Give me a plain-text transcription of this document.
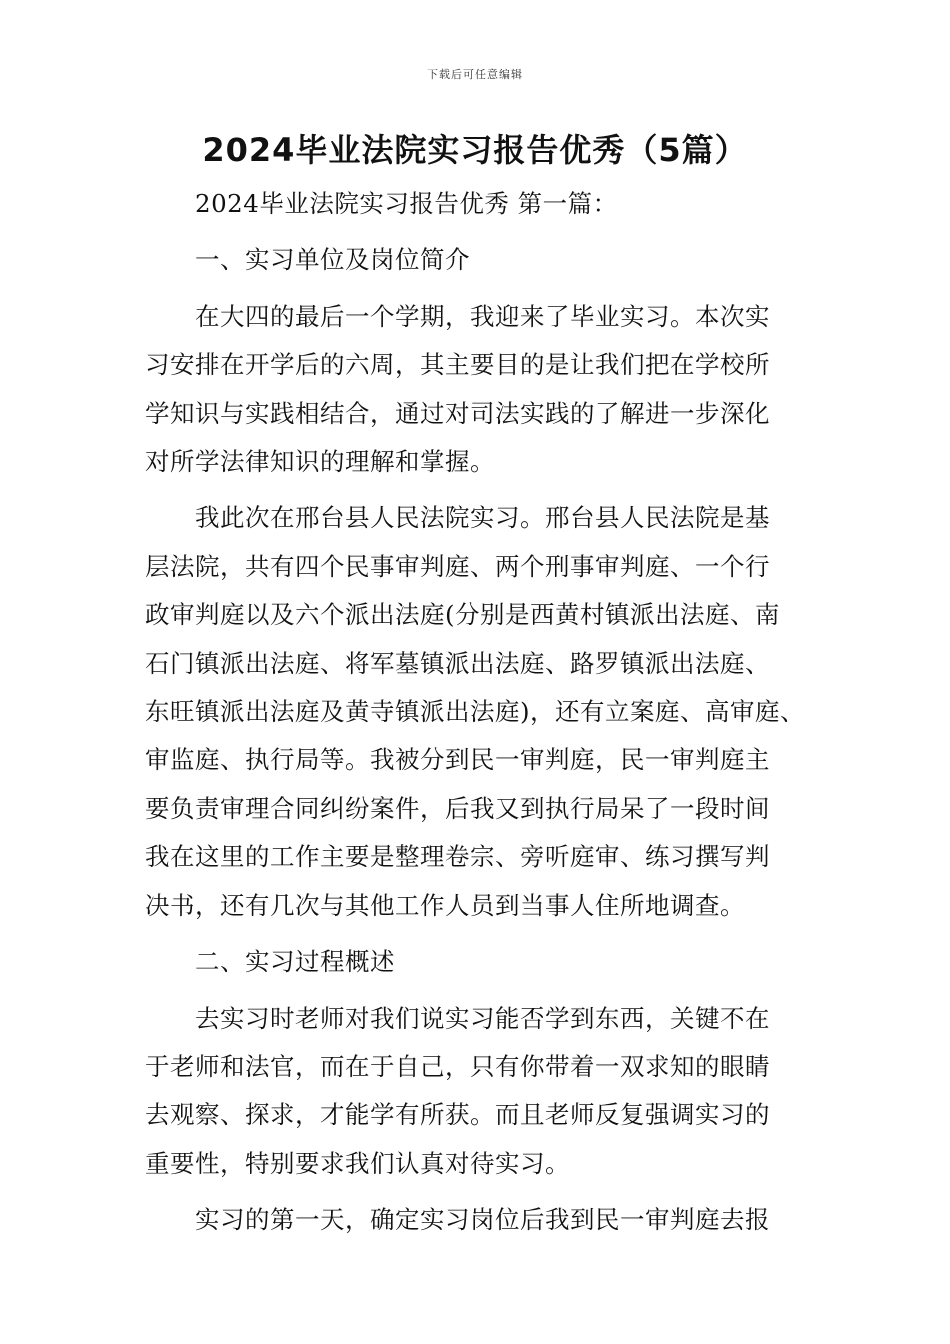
下载后可任意编辑
2024毕业法院实习报告优秀（5篇）
2024毕业法院实习报告优秀 第一篇：
一、实习单位及岗位简介
在大四的最后一个学期，我迎来了毕业实习。本次实
习安排在开学后的六周，其主要目的是让我们把在学校所
学知识与实践相结合，通过对司法实践的了解进一步深化
对所学法律知识的理解和掌握。
我此次在邢台县人民法院实习。邢台县人民法院是基
层法院，共有四个民事审判庭、两个刑事审判庭、一个行
政审判庭以及六个派出法庭(分别是西黄村镇派出法庭、南
石门镇派出法庭、将军墓镇派出法庭、路罗镇派出法庭、
东旺镇派出法庭及黄寺镇派出法庭)，还有立案庭、高审庭、
审监庭、执行局等。我被分到民一审判庭，民一审判庭主
要负责审理合同纠纷案件，后我又到执行局呆了一段时间
我在这里的工作主要是整理卷宗、旁听庭审、练习撰写判
决书，还有几次与其他工作人员到当事人住所地调查。
二、实习过程概述
去实习时老师对我们说实习能否学到东西，关键不在
于老师和法官，而在于自己，只有你带着一双求知的眼睛
去观察、探求，才能学有所获。而且老师反复强调实习的
重要性，特别要求我们认真对待实习。
实习的第一天，确定实习岗位后我到民一审判庭去报
